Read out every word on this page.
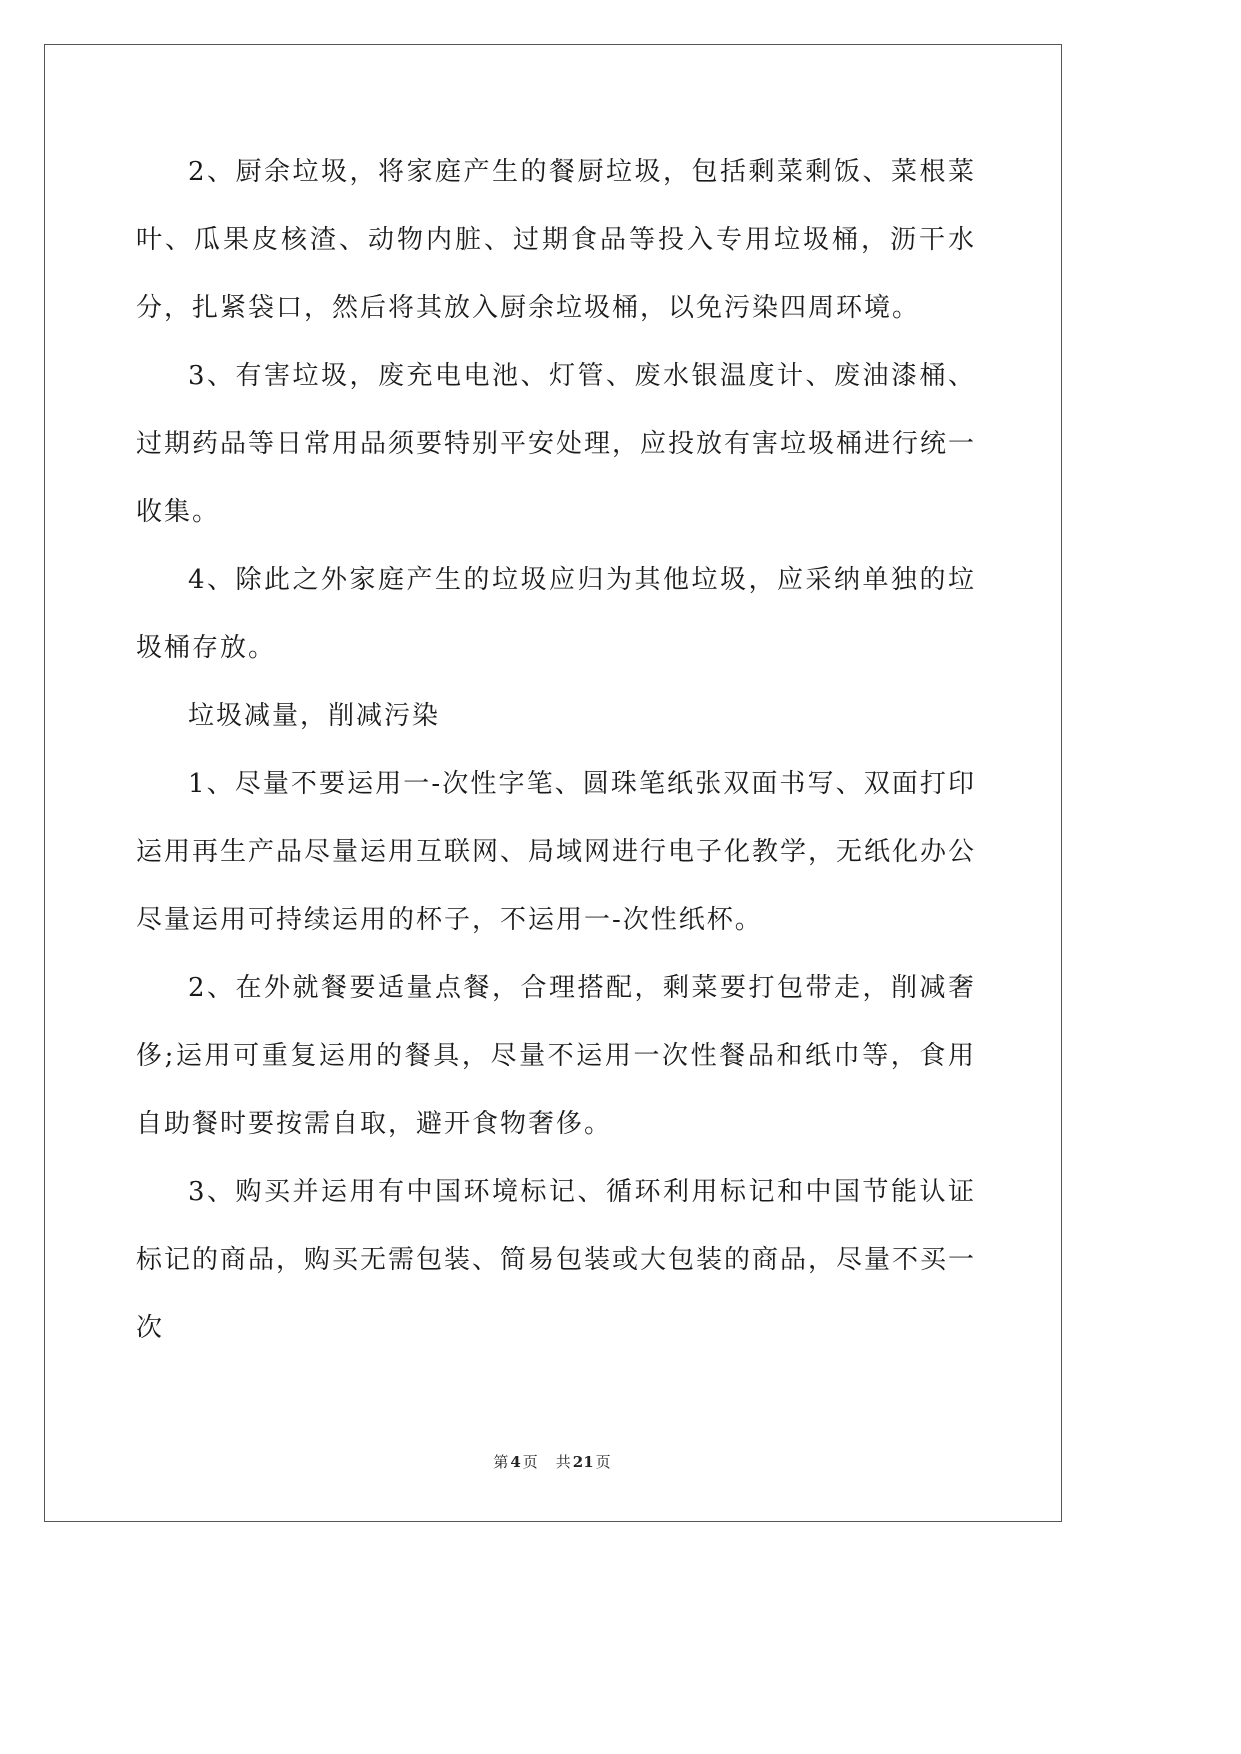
2、厨余垃圾，将家庭产生的餐厨垃圾，包括剩菜剩饭、菜根菜叶、瓜果皮核渣、动物内脏、过期食品等投入专用垃圾桶，沥干水分，扎紧袋口，然后将其放入厨余垃圾桶，以免污染四周环境。

3、有害垃圾，废充电电池、灯管、废水银温度计、废油漆桶、过期药品等日常用品须要特别平安处理，应投放有害垃圾桶进行统一收集。

4、除此之外家庭产生的垃圾应归为其他垃圾，应采纳单独的垃圾桶存放。

垃圾减量，削减污染

1、尽量不要运用一-次性字笔、圆珠笔纸张双面书写、双面打印运用再生产品尽量运用互联网、局域网进行电子化教学，无纸化办公尽量运用可持续运用的杯子，不运用一-次性纸杯。

2、在外就餐要适量点餐，合理搭配，剩菜要打包带走，削减奢侈;运用可重复运用的餐具，尽量不运用一次性餐品和纸巾等，食用自助餐时要按需自取，避开食物奢侈。

3、购买并运用有中国环境标记、循环利用标记和中国节能认证标记的商品，购买无需包装、简易包装或大包装的商品，尽量不买一次

第 4 页 共 21 页
